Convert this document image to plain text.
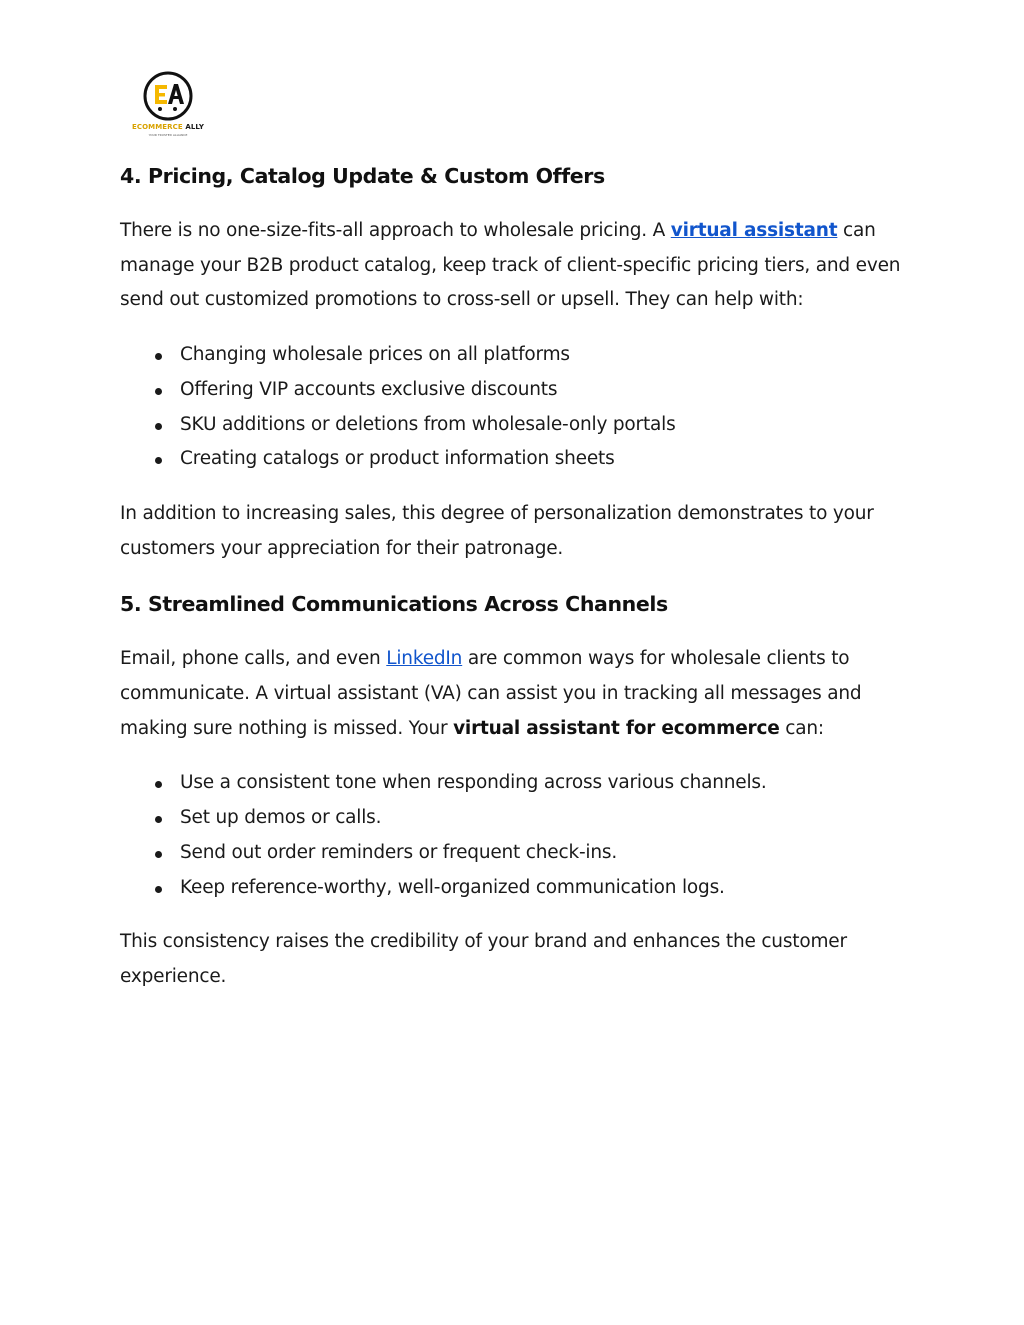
ECOMMERCE ALLY
YOUR TRUSTED ALLIANCE
4. Pricing, Catalog Update & Custom Offers

There is no one-size-fits-all approach to wholesale pricing. A virtual assistant can manage your B2B product catalog, keep track of client-specific pricing tiers, and even send out customized promotions to cross-sell or upsell. They can help with:

Changing wholesale prices on all platforms
Offering VIP accounts exclusive discounts
SKU additions or deletions from wholesale-only portals
Creating catalogs or product information sheets

In addition to increasing sales, this degree of personalization demonstrates to your customers your appreciation for their patronage.

5. Streamlined Communications Across Channels

Email, phone calls, and even LinkedIn are common ways for wholesale clients to communicate. A virtual assistant (VA) can assist you in tracking all messages and making sure nothing is missed. Your virtual assistant for ecommerce can:

Use a consistent tone when responding across various channels.
Set up demos or calls.
Send out order reminders or frequent check-ins.
Keep reference-worthy, well-organized communication logs.

This consistency raises the credibility of your brand and enhances the customer experience.
